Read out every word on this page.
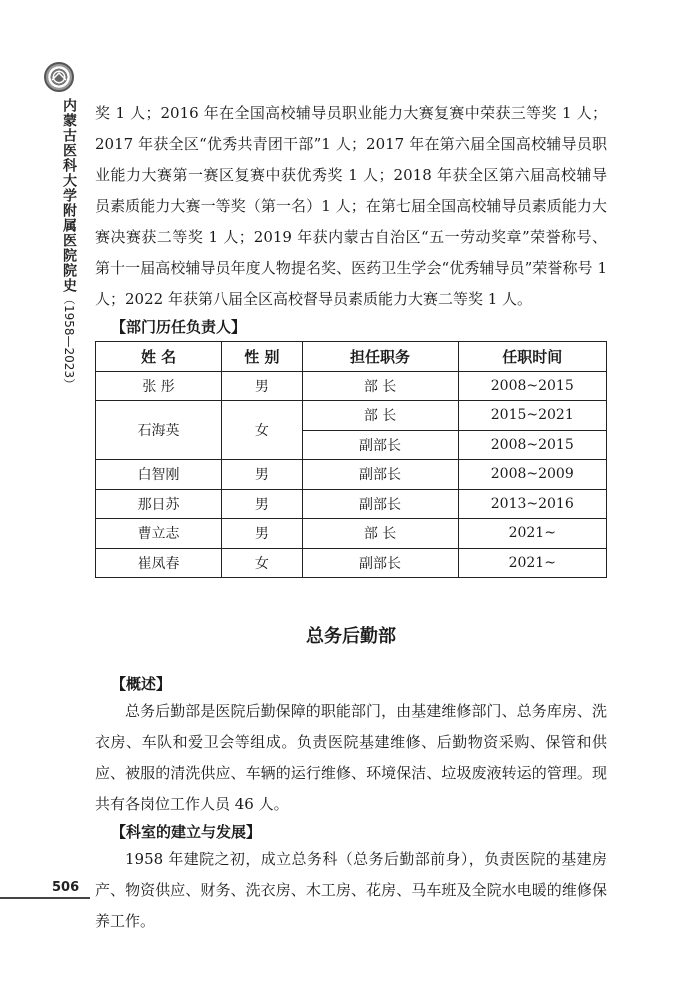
内蒙古医科大学附属医院院史（1958—2023）
506

奖 1 人；2016 年在全国高校辅导员职业能力大赛复赛中荣获三等奖 1 人；2017 年获全区“优秀共青团干部”1 人；2017 年在第六届全国高校辅导员职业能力大赛第一赛区复赛中获优秀奖 1 人；2018 年获全区第六届高校辅导员素质能力大赛一等奖（第一名）1 人；在第七届全国高校辅导员素质能力大赛决赛获二等奖 1 人；2019 年获内蒙古自治区“五一劳动奖章”荣誉称号、第十一届高校辅导员年度人物提名奖、医药卫生学会“优秀辅导员”荣誉称号 1 人；2022 年获第八届全区高校督导员素质能力大赛二等奖 1 人。

【部门历任负责人】
姓 名	性 别	担任职务	任职时间
张 彤	男	部 长	2008~2015
石海英	女	部 长	2015~2021
		副部长	2008~2015
白智刚	男	副部长	2008~2009
那日苏	男	副部长	2013~2016
曹立志	男	部 长	2021~
崔凤春	女	副部长	2021~
总务后勤部
【概述】

总务后勤部是医院后勤保障的职能部门，由基建维修部门、总务库房、洗衣房、车队和爱卫会等组成。负责医院基建维修、后勤物资采购、保管和供应、被服的清洗供应、车辆的运行维修、环境保洁、垃圾废液转运的管理。现共有各岗位工作人员 46 人。

【科室的建立与发展】

1958 年建院之初，成立总务科（总务后勤部前身），负责医院的基建房产、物资供应、财务、洗衣房、木工房、花房、马车班及全院水电暖的维修保养工作。
